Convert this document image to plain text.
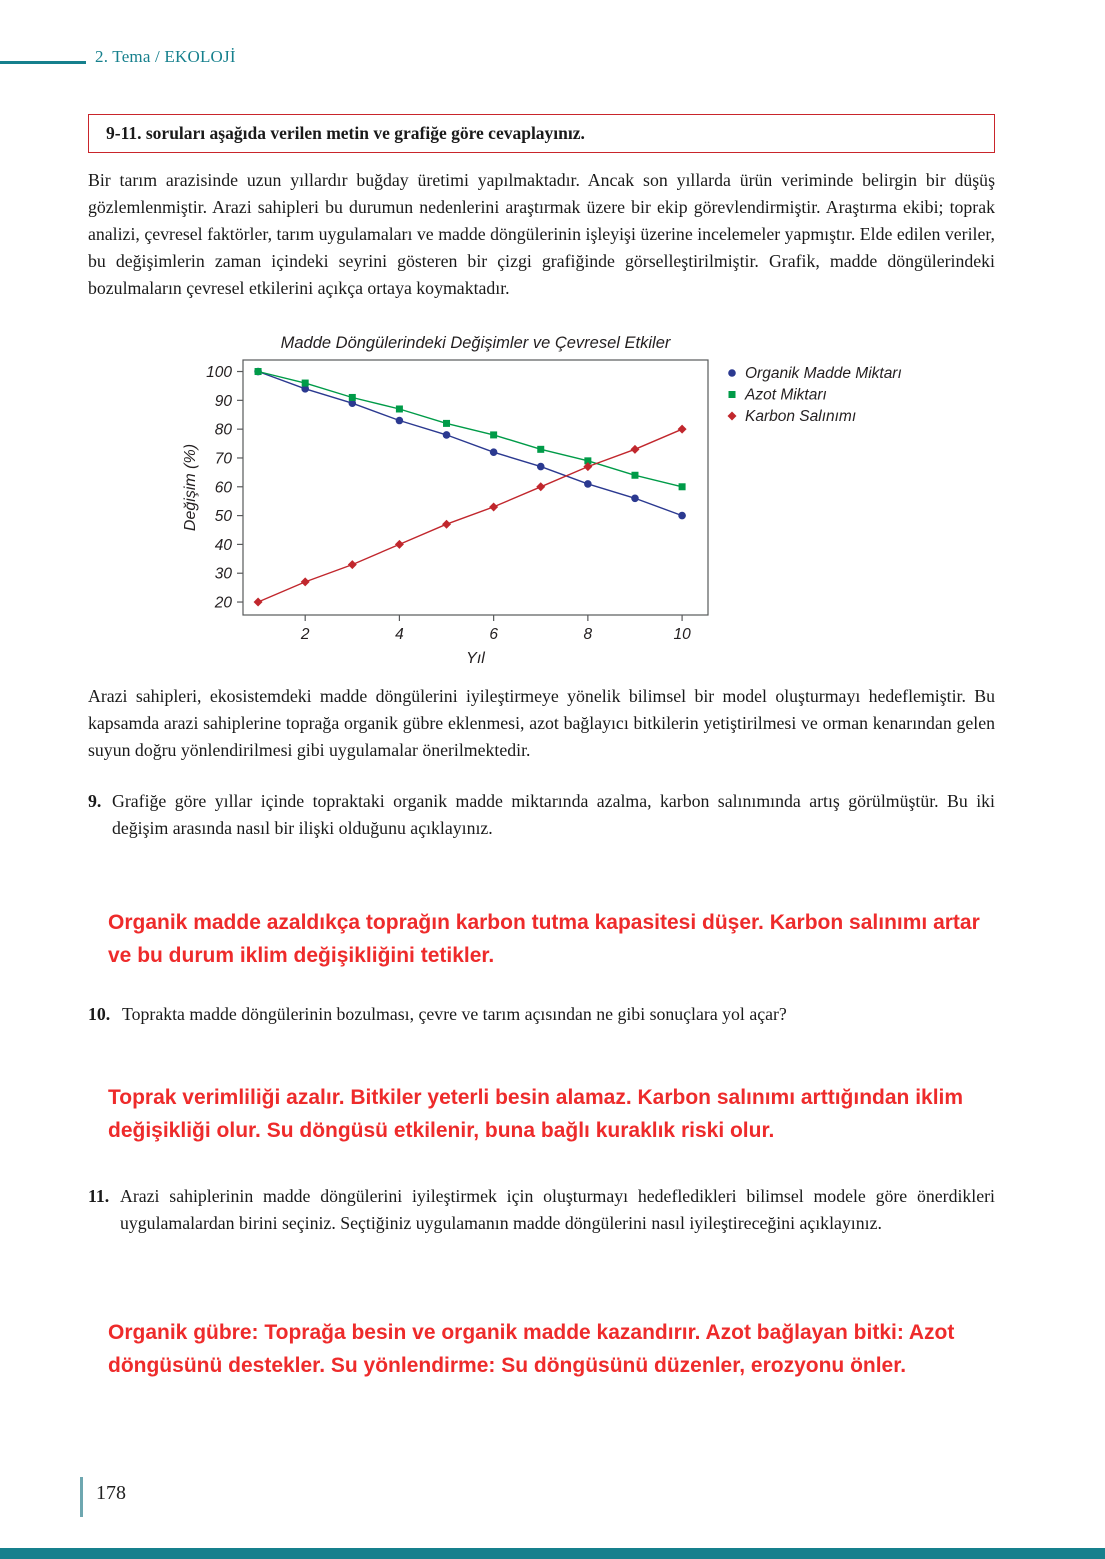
2. Tema / EKOLOJİ
9-11. soruları aşağıda verilen metin ve grafiğe göre cevaplayınız.
Bir tarım arazisinde uzun yıllardır buğday üretimi yapılmaktadır. Ancak son yıllarda ürün veriminde belirgin bir düşüş gözlemlenmiştir. Arazi sahipleri bu durumun nedenlerini araştırmak üzere bir ekip görevlendirmiştir. Araştırma ekibi; toprak analizi, çevresel faktörler, tarım uygulamaları ve madde döngülerinin işleyişi üzerine incelemeler yapmıştır. Elde edilen veriler, bu değişimlerin zaman içindeki seyrini gösteren bir çizgi grafiğinde görselleştirilmiştir. Grafik, madde döngülerindeki bozulmaların çevresel etkilerini açıkça ortaya koymaktadır.
Madde Döngülerindeki Değişimler ve Çevresel Etkiler
20
30
40
50
60
70
80
90
100
2	4	6	8	10
Değişim (%)
Yıl
Organik Madde Miktarı
Azot Miktarı
Karbon Salınımı
Arazi sahipleri, ekosistemdeki madde döngülerini iyileştirmeye yönelik bilimsel bir model oluşturmayı hedeflemiştir. Bu kapsamda arazi sahiplerine toprağa organik gübre eklenmesi, azot bağlayıcı bitkilerin yetiştirilmesi ve orman kenarından gelen suyun doğru yönlendirilmesi gibi uygulamalar önerilmektedir.
9. Grafiğe göre yıllar içinde topraktaki organik madde miktarında azalma, karbon salınımında artış görülmüştür. Bu iki değişim arasında nasıl bir ilişki olduğunu açıklayınız.
Organik madde azaldıkça toprağın karbon tutma kapasitesi düşer. Karbon salınımı artar ve bu durum iklim değişikliğini tetikler.
10. Toprakta madde döngülerinin bozulması, çevre ve tarım açısından ne gibi sonuçlara yol açar?
Toprak verimliliği azalır. Bitkiler yeterli besin alamaz. Karbon salınımı arttığından iklim değişikliği olur. Su döngüsü etkilenir, buna bağlı kuraklık riski olur.
11. Arazi sahiplerinin madde döngülerini iyileştirmek için oluşturmayı hedefledikleri bilimsel modele göre önerdikleri uygulamalardan birini seçiniz. Seçtiğiniz uygulamanın madde döngülerini nasıl iyileştireceğini açıklayınız.
Organik gübre: Toprağa besin ve organik madde kazandırır. Azot bağlayan bitki: Azot döngüsünü destekler. Su yönlendirme: Su döngüsünü düzenler, erozyonu önler.
178
